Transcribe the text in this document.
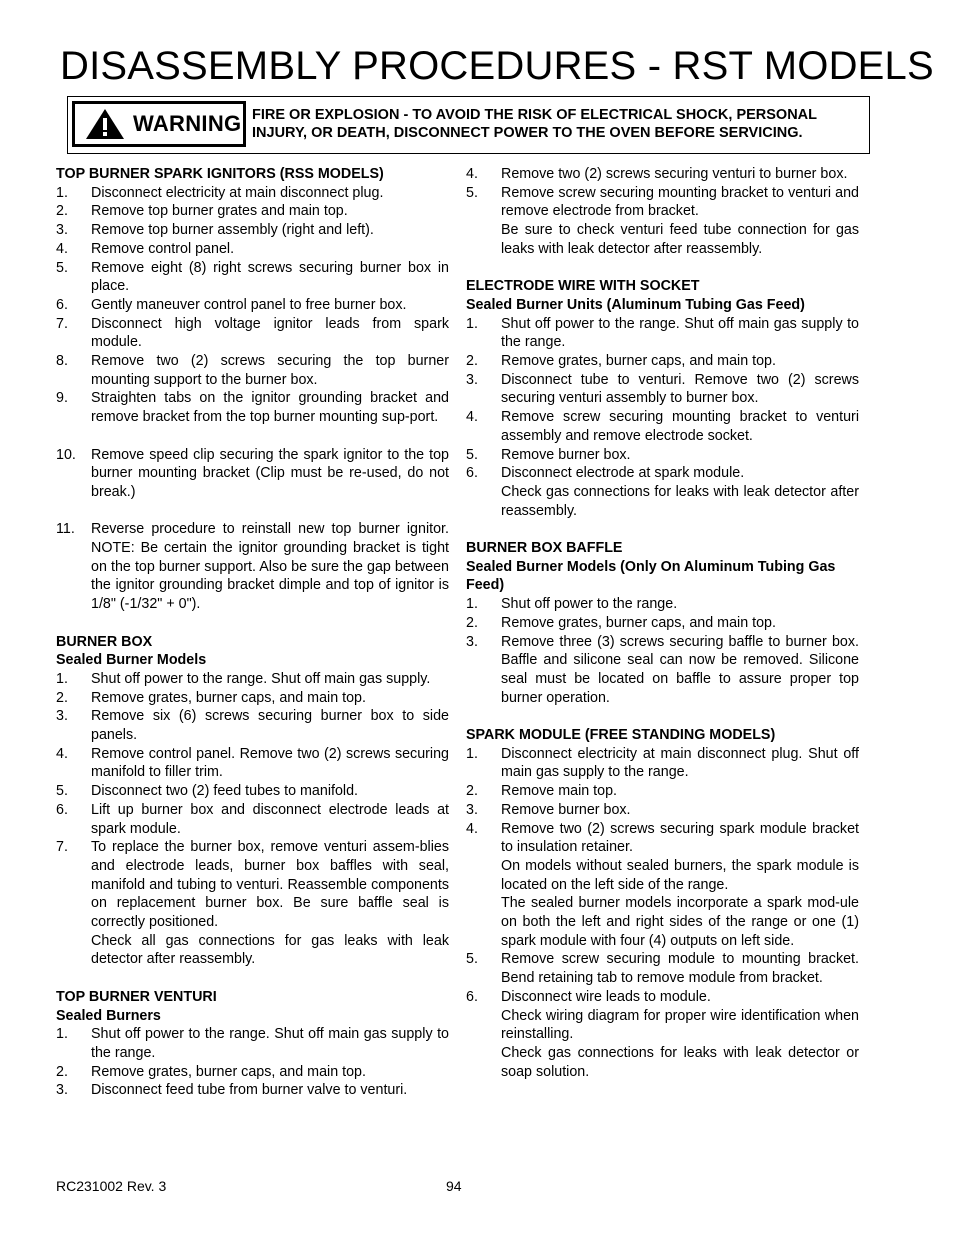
DISASSEMBLY PROCEDURES - RST MODELS
WARNING FIRE OR EXPLOSION - TO AVOID THE RISK OF ELECTRICAL SHOCK, PERSONAL
INJURY, OR DEATH, DISCONNECT POWER TO THE OVEN BEFORE SERVICING.
TOP BURNER SPARK IGNITORS (RSS MODELS)
1.	Disconnect electricity at main disconnect plug.
2.	Remove top burner grates and main top.
3.	Remove top burner assembly (right and left).
4.	Remove control panel.
5.	Remove eight (8) right screws securing burner box in place.
6.	Gently maneuver control panel to free burner box.
7.	Disconnect high voltage ignitor leads from spark module.
8.	Remove two (2) screws securing the top burner mounting support to the burner box.
9.	Straighten tabs on the ignitor grounding bracket and remove bracket from the top burner mounting sup-port.
10.	Remove speed clip securing the spark ignitor to the top burner mounting bracket (Clip must be re-used, do not break.)
11.	Reverse procedure to reinstall new top burner ignitor. NOTE: Be certain the ignitor grounding bracket is tight on the top burner support. Also be sure the gap between the ignitor grounding bracket dimple and top of ignitor is 1/8" (-1/32" + 0").
BURNER BOX
Sealed Burner Models
1.	Shut off power to the range. Shut off main gas supply.
2.	Remove grates, burner caps, and main top.
3.	Remove six (6) screws securing burner box to side panels.
4.	Remove control panel. Remove two (2) screws securing manifold to filler trim.
5.	Disconnect two (2) feed tubes to manifold.
6.	Lift up burner box and disconnect electrode leads at spark module.
7.	To replace the burner box, remove venturi assem-blies and electrode leads, burner box baffles with seal, manifold and tubing to venturi. Reassemble components on replacement burner box. Be sure baffle seal is correctly positioned.
Check all gas connections for gas leaks with leak detector after reassembly.
TOP BURNER VENTURI
Sealed Burners
1.	Shut off power to the range. Shut off main gas supply to the range.
2.	Remove grates, burner caps, and main top.
3.	Disconnect feed tube from burner valve to venturi.
4.	Remove two (2) screws securing venturi to burner box.
5.	Remove screw securing mounting bracket to venturi and remove electrode from bracket.
Be sure to check venturi feed tube connection for gas leaks with leak detector after reassembly.
ELECTRODE WIRE WITH SOCKET
Sealed Burner Units (Aluminum Tubing Gas Feed)
1.	Shut off power to the range. Shut off main gas supply to the range.
2.	Remove grates, burner caps, and main top.
3.	Disconnect tube to venturi. Remove two (2) screws securing venturi assembly to burner box.
4.	Remove screw securing mounting bracket to venturi assembly and remove electrode socket.
5.	Remove burner box.
6.	Disconnect electrode at spark module.
Check gas connections for leaks with leak detector after reassembly.
BURNER BOX BAFFLE
Sealed Burner Models (Only On Aluminum Tubing Gas Feed)
1.	Shut off power to the range.
2.	Remove grates, burner caps, and main top.
3.	Remove three (3) screws securing baffle to burner box. Baffle and silicone seal can now be removed. Silicone seal must be located on baffle to assure proper top burner operation.
SPARK MODULE (FREE STANDING MODELS)
1.	Disconnect electricity at main disconnect plug. Shut off main gas supply to the range.
2.	Remove main top.
3.	Remove burner box.
4.	Remove two (2) screws securing spark module bracket to insulation retainer.
On models without sealed burners, the spark module is located on the left side of the range.
The sealed burner models incorporate a spark mod-ule on both the left and right sides of the range or one (1) spark module with four (4) outputs on left side.
5.	Remove screw securing module to mounting bracket. Bend retaining tab to remove module from bracket.
6.	Disconnect wire leads to module.
Check wiring diagram for proper wire identification when reinstalling.
Check gas connections for leaks with leak detector or soap solution.
RC231002 Rev. 3	94
